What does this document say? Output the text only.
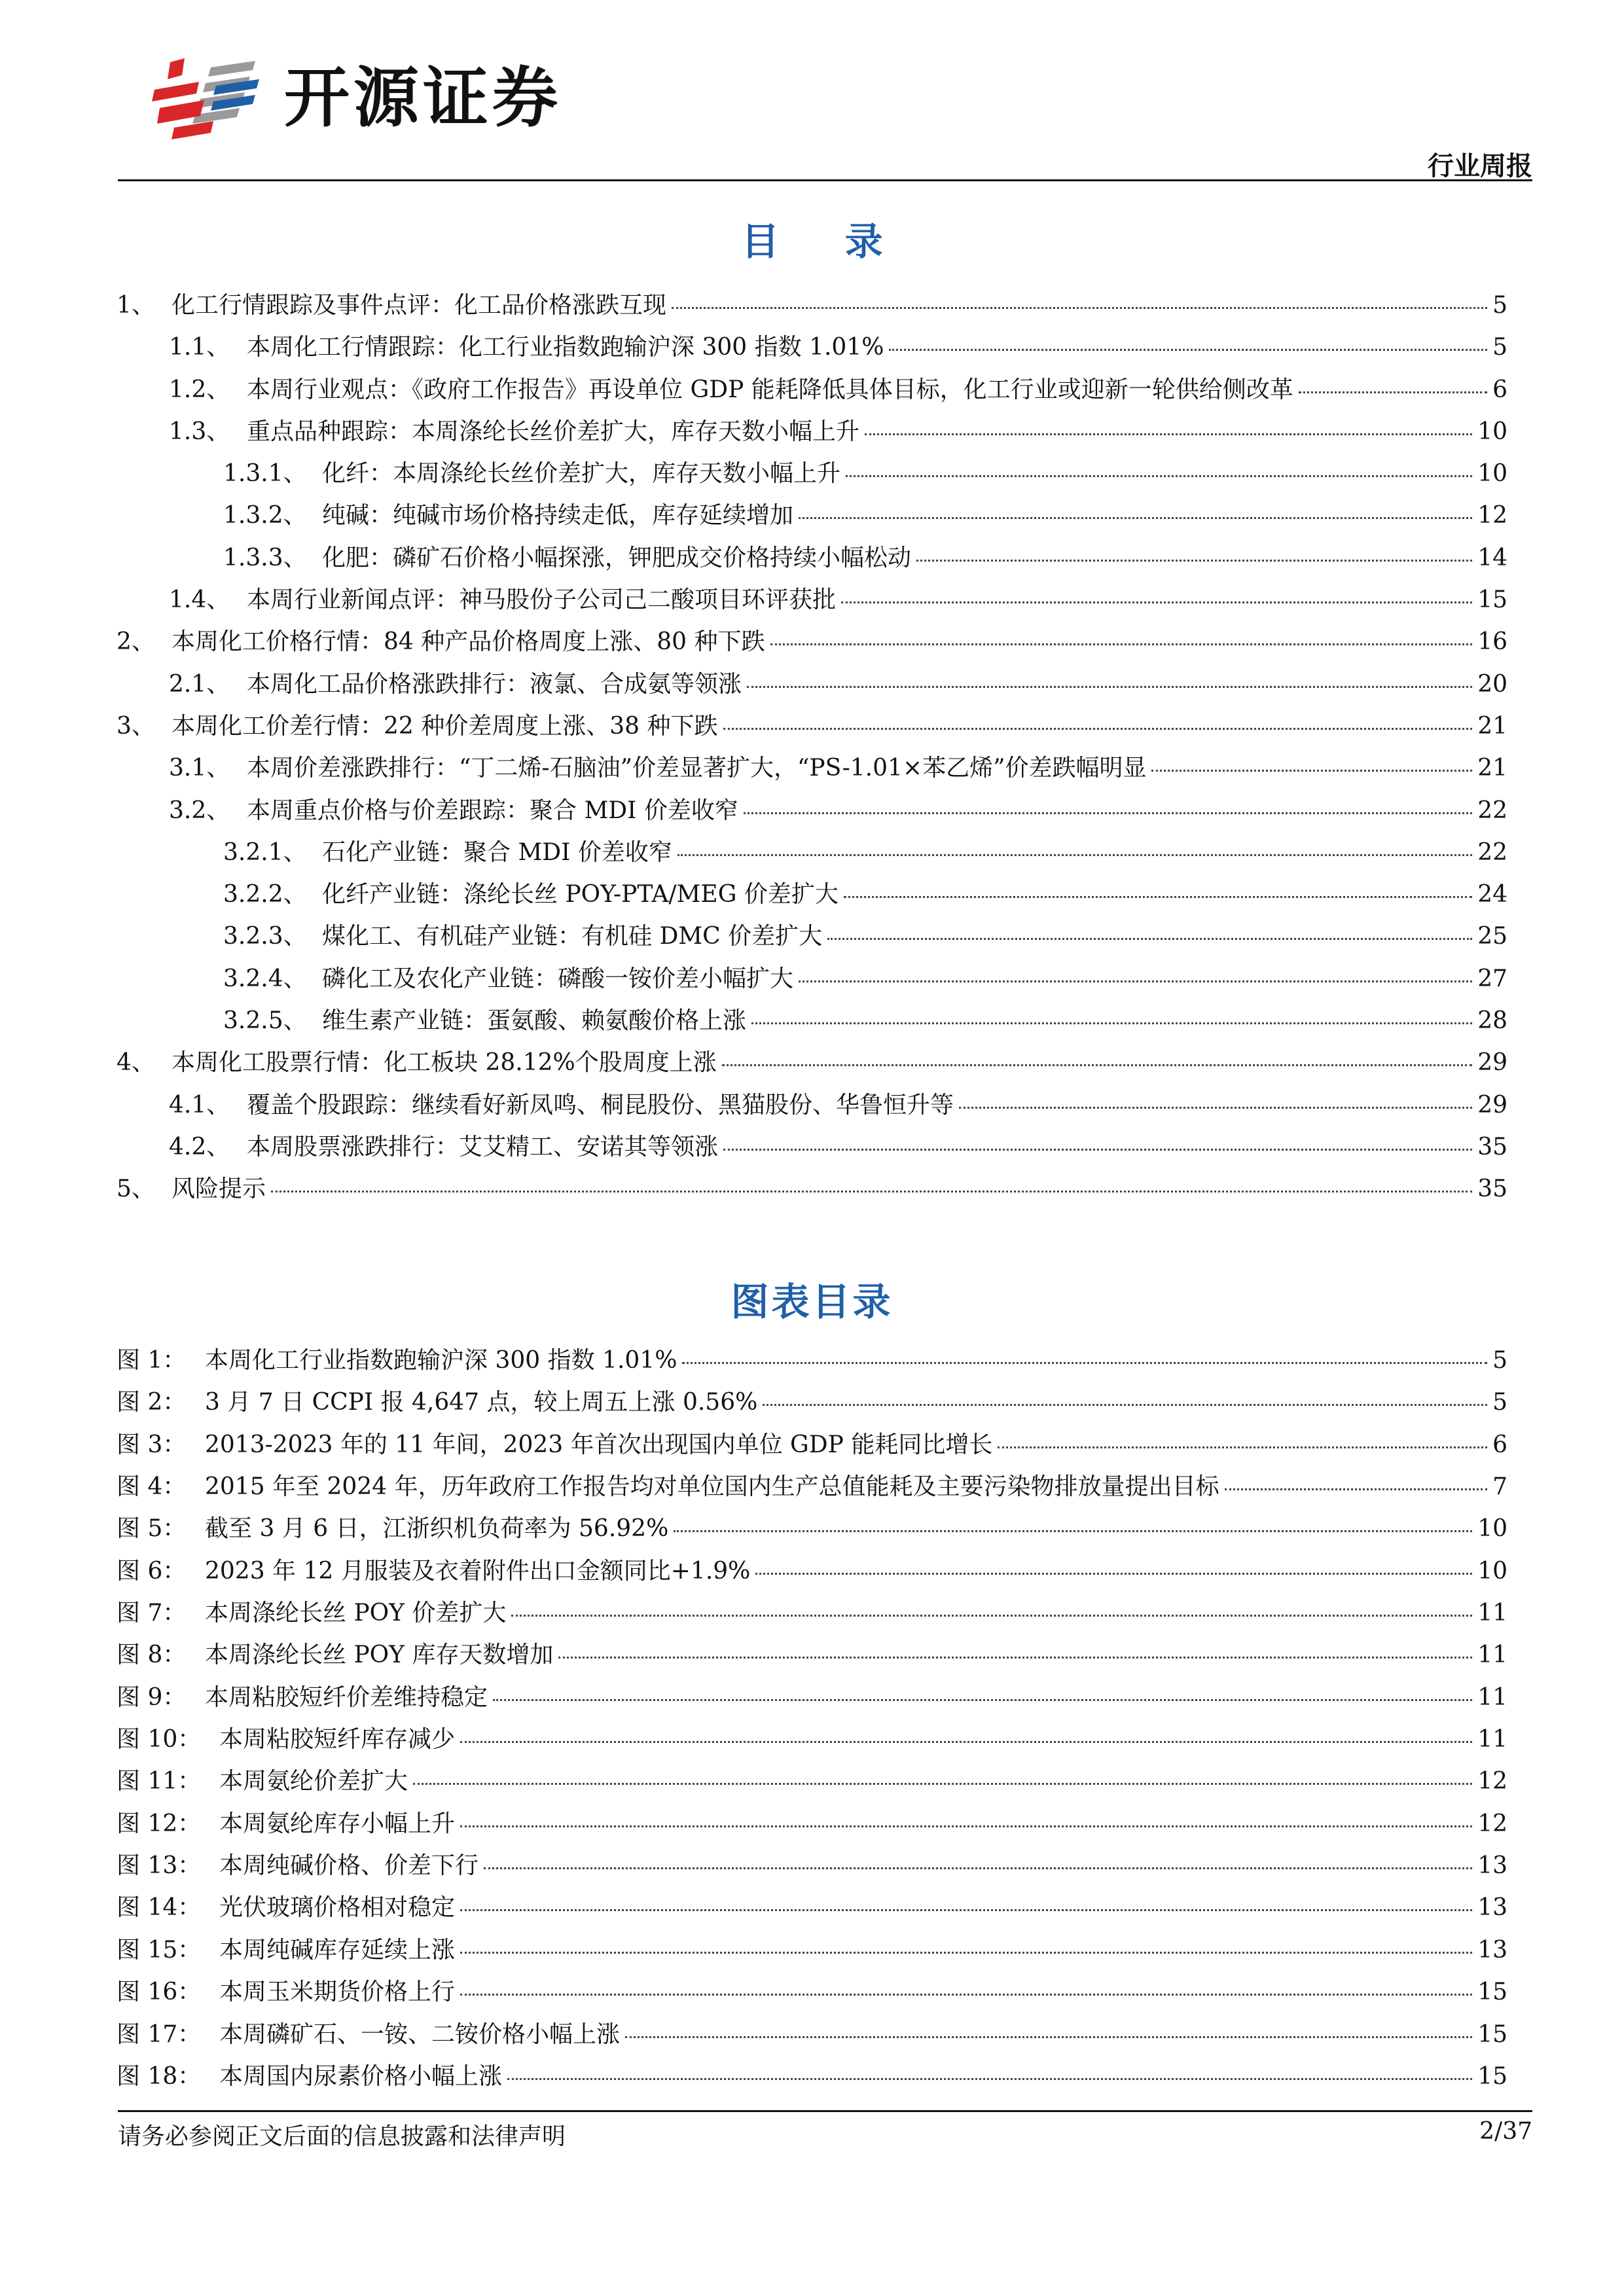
开源证券
行业周报
目 录
1、 化工行情跟踪及事件点评：化工品价格涨跌互现	5
1.1、 本周化工行情跟踪：化工行业指数跑输沪深 300 指数 1.01%	5
1.2、 本周行业观点：《政府工作报告》再设单位 GDP 能耗降低具体目标，化工行业或迎新一轮供给侧改革	6
1.3、 重点品种跟踪：本周涤纶长丝价差扩大，库存天数小幅上升	10
1.3.1、 化纤：本周涤纶长丝价差扩大，库存天数小幅上升	10
1.3.2、 纯碱：纯碱市场价格持续走低，库存延续增加	12
1.3.3、 化肥：磷矿石价格小幅探涨，钾肥成交价格持续小幅松动	14
1.4、 本周行业新闻点评：神马股份子公司己二酸项目环评获批	15
2、 本周化工价格行情：84 种产品价格周度上涨、80 种下跌	16
2.1、 本周化工品价格涨跌排行：液氯、合成氨等领涨	20
3、 本周化工价差行情：22 种价差周度上涨、38 种下跌	21
3.1、 本周价差涨跌排行：“丁二烯-石脑油”价差显著扩大，“PS-1.01×苯乙烯”价差跌幅明显	21
3.2、 本周重点价格与价差跟踪：聚合 MDI 价差收窄	22
3.2.1、 石化产业链：聚合 MDI 价差收窄	22
3.2.2、 化纤产业链：涤纶长丝 POY-PTA/MEG 价差扩大	24
3.2.3、 煤化工、有机硅产业链：有机硅 DMC 价差扩大	25
3.2.4、 磷化工及农化产业链：磷酸一铵价差小幅扩大	27
3.2.5、 维生素产业链：蛋氨酸、赖氨酸价格上涨	28
4、 本周化工股票行情：化工板块 28.12%个股周度上涨	29
4.1、 覆盖个股跟踪：继续看好新凤鸣、桐昆股份、黑猫股份、华鲁恒升等	29
4.2、 本周股票涨跌排行：艾艾精工、安诺其等领涨	35
5、 风险提示	35
图表目录
图 1： 本周化工行业指数跑输沪深 300 指数 1.01%	5
图 2： 3 月 7 日 CCPI 报 4,647 点，较上周五上涨 0.56%	5
图 3： 2013-2023 年的 11 年间，2023 年首次出现国内单位 GDP 能耗同比增长	6
图 4： 2015 年至 2024 年，历年政府工作报告均对单位国内生产总值能耗及主要污染物排放量提出目标	7
图 5： 截至 3 月 6 日，江浙织机负荷率为 56.92%	10
图 6： 2023 年 12 月服装及衣着附件出口金额同比+1.9%	10
图 7： 本周涤纶长丝 POY 价差扩大	11
图 8： 本周涤纶长丝 POY 库存天数增加	11
图 9： 本周粘胶短纤价差维持稳定	11
图 10： 本周粘胶短纤库存减少	11
图 11： 本周氨纶价差扩大	12
图 12： 本周氨纶库存小幅上升	12
图 13： 本周纯碱价格、价差下行	13
图 14： 光伏玻璃价格相对稳定	13
图 15： 本周纯碱库存延续上涨	13
图 16： 本周玉米期货价格上行	15
图 17： 本周磷矿石、一铵、二铵价格小幅上涨	15
图 18： 本周国内尿素价格小幅上涨	15
请务必参阅正文后面的信息披露和法律声明	2/37
